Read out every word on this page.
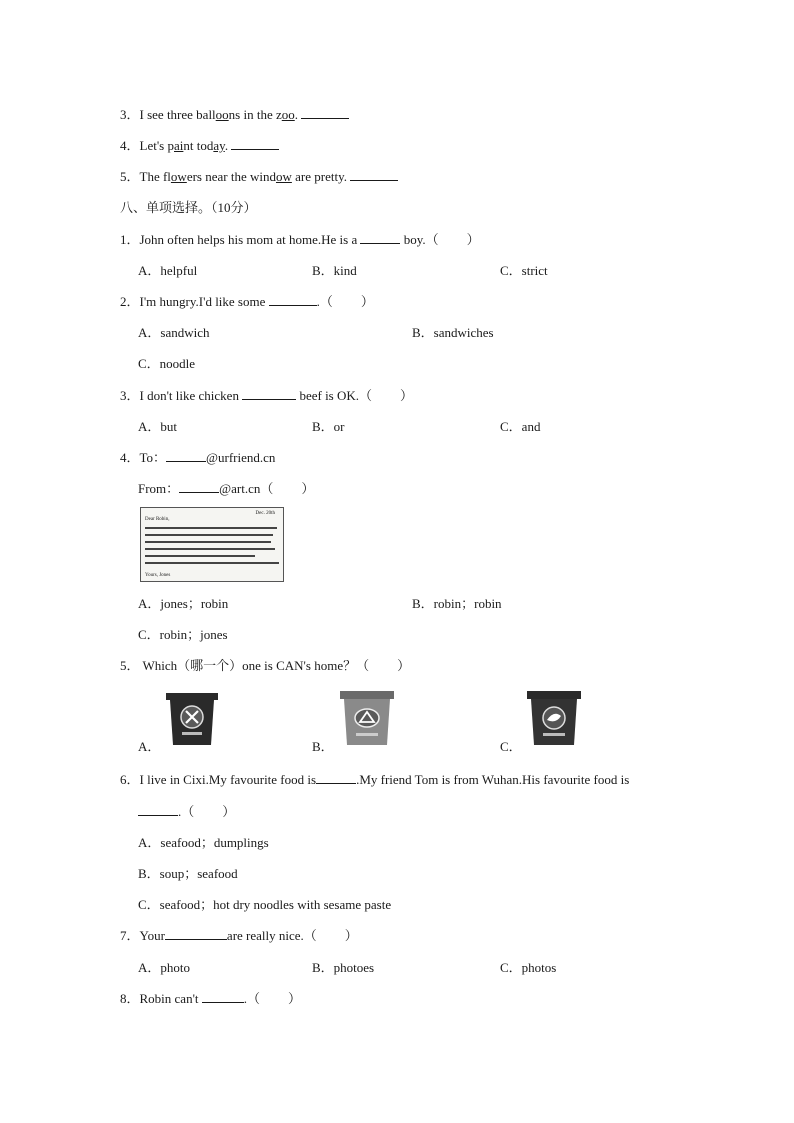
3．I see three balloons in the zoo.
4．Let's paint today.
5．The flowers near the window are pretty.
八、单项选择。（10分）
1．John often helps his mom at home.He is a	boy.（ ）
A．helpful	B．kind	C．strict
2．I'm hungry.I'd like some	.（ ）
A．sandwich	B．sandwiches
C．noodle
3．I don't like chicken	beef is OK.（ ）
A．but	B．or	C．and
4．To：	@urfriend.cn
From：	@art.cn（ ）
Dec. 20th
Dear Robin,
Yours, Jones
A．jones；robin	B．robin；robin
C．robin；jones
5． Which（哪一个）one is CAN's home？（ ）
A．	B．	C．
6．I live in Cixi.My favourite food is	.My friend Tom is from Wuhan.His favourite food is
.（ ）
A．seafood；dumplings
B．soup；seafood
C．seafood；hot dry noodles with sesame paste
7．Your	are really nice.（ ）
A．photo	B．photoes	C．photos
8．Robin can't	.（ ）
